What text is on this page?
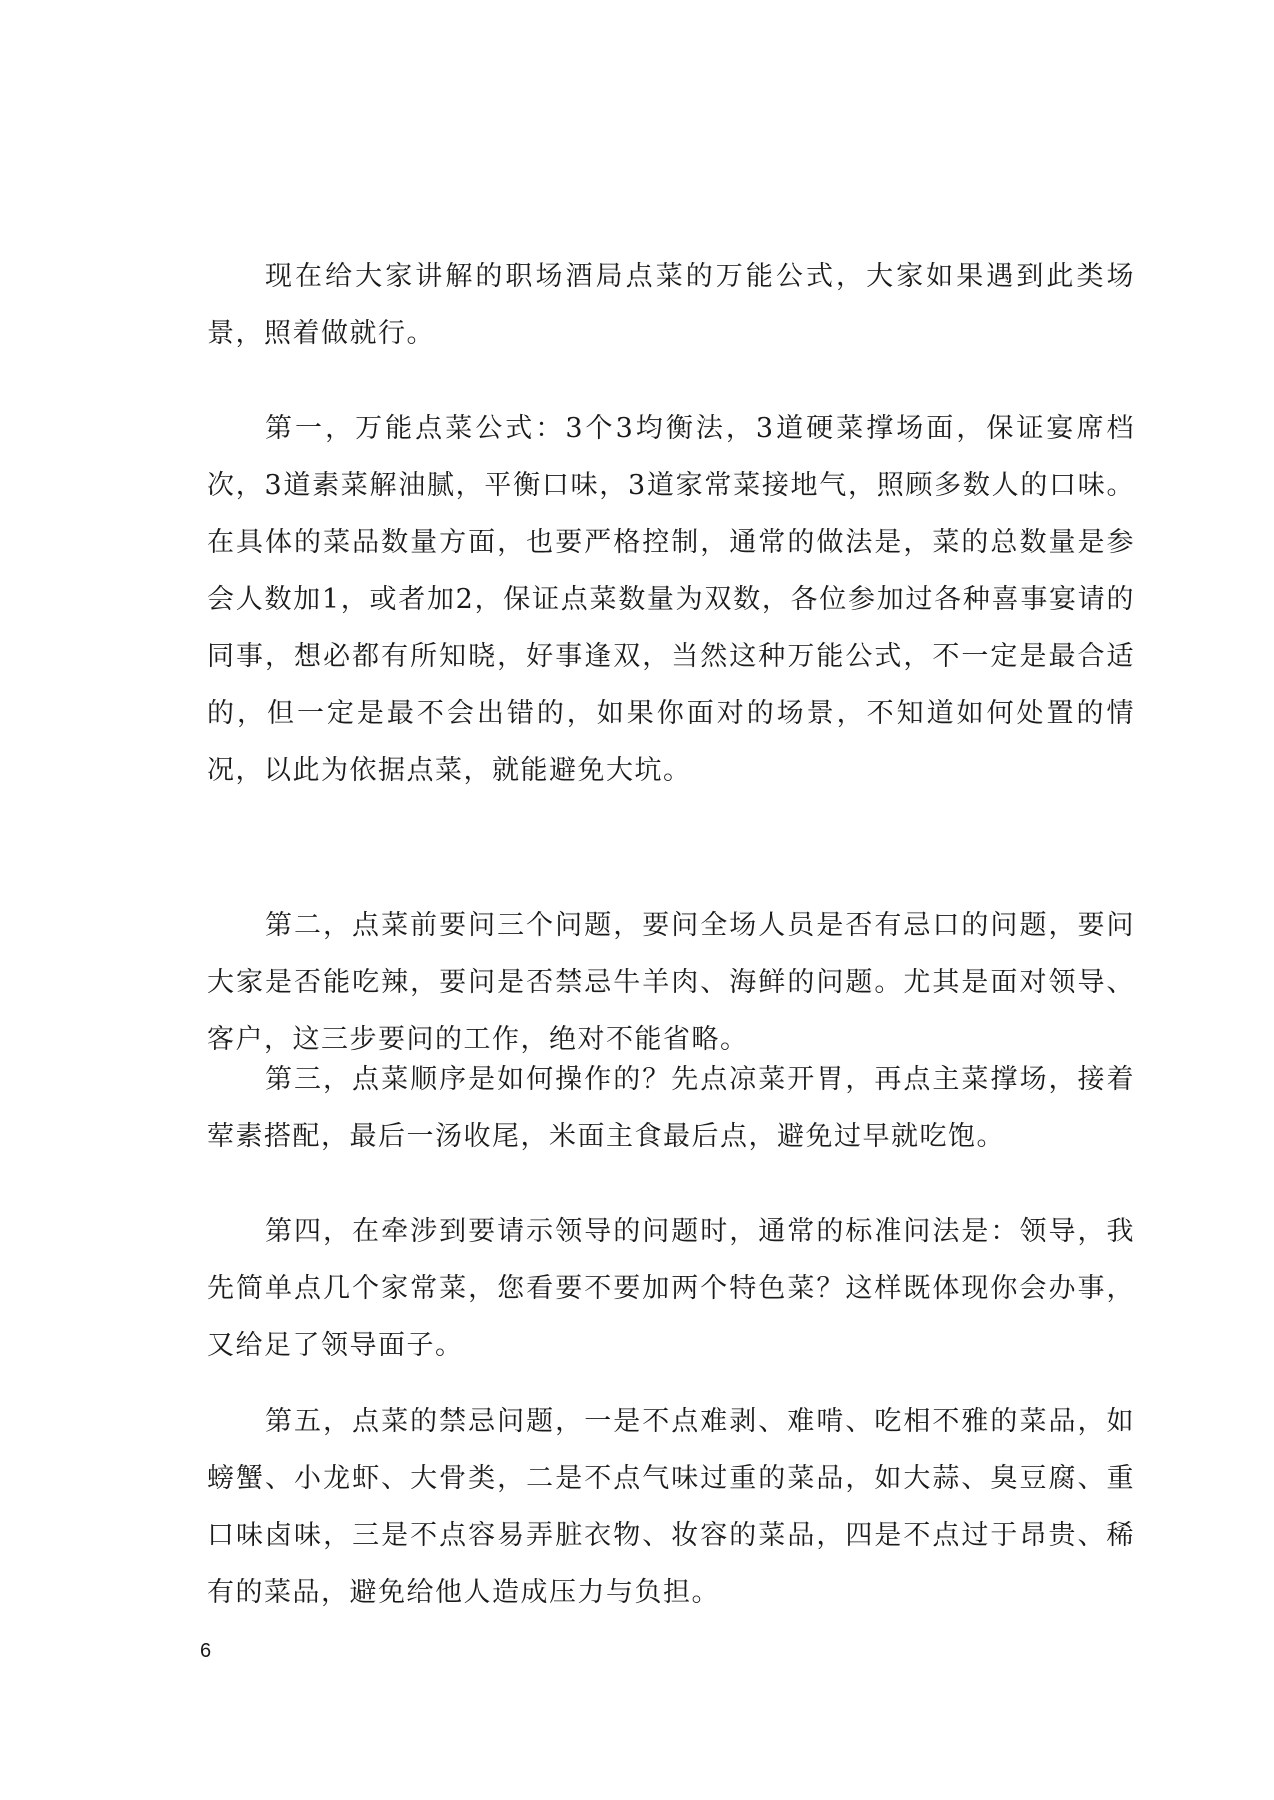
现在给大家讲解的职场酒局点菜的万能公式，大家如果遇到此类场景，照着做就行。

第一，万能点菜公式：3个3均衡法，3道硬菜撑场面，保证宴席档次，3道素菜解油腻，平衡口味，3道家常菜接地气，照顾多数人的口味。在具体的菜品数量方面，也要严格控制，通常的做法是，菜的总数量是参会人数加1，或者加2，保证点菜数量为双数，各位参加过各种喜事宴请的同事，想必都有所知晓，好事逢双，当然这种万能公式，不一定是最合适的，但一定是最不会出错的，如果你面对的场景，不知道如何处置的情况，以此为依据点菜，就能避免大坑。

第二，点菜前要问三个问题，要问全场人员是否有忌口的问题，要问大家是否能吃辣，要问是否禁忌牛羊肉、海鲜的问题。尤其是面对领导、客户，这三步要问的工作，绝对不能省略。

第三，点菜顺序是如何操作的？先点凉菜开胃，再点主菜撑场，接着荤素搭配，最后一汤收尾，米面主食最后点，避免过早就吃饱。

第四，在牵涉到要请示领导的问题时，通常的标准问法是：领导，我先简单点几个家常菜，您看要不要加两个特色菜？这样既体现你会办事，又给足了领导面子。

第五，点菜的禁忌问题，一是不点难剥、难啃、吃相不雅的菜品，如螃蟹、小龙虾、大骨类，二是不点气味过重的菜品，如大蒜、臭豆腐、重口味卤味，三是不点容易弄脏衣物、妆容的菜品，四是不点过于昂贵、稀有的菜品，避免给他人造成压力与负担。

6
